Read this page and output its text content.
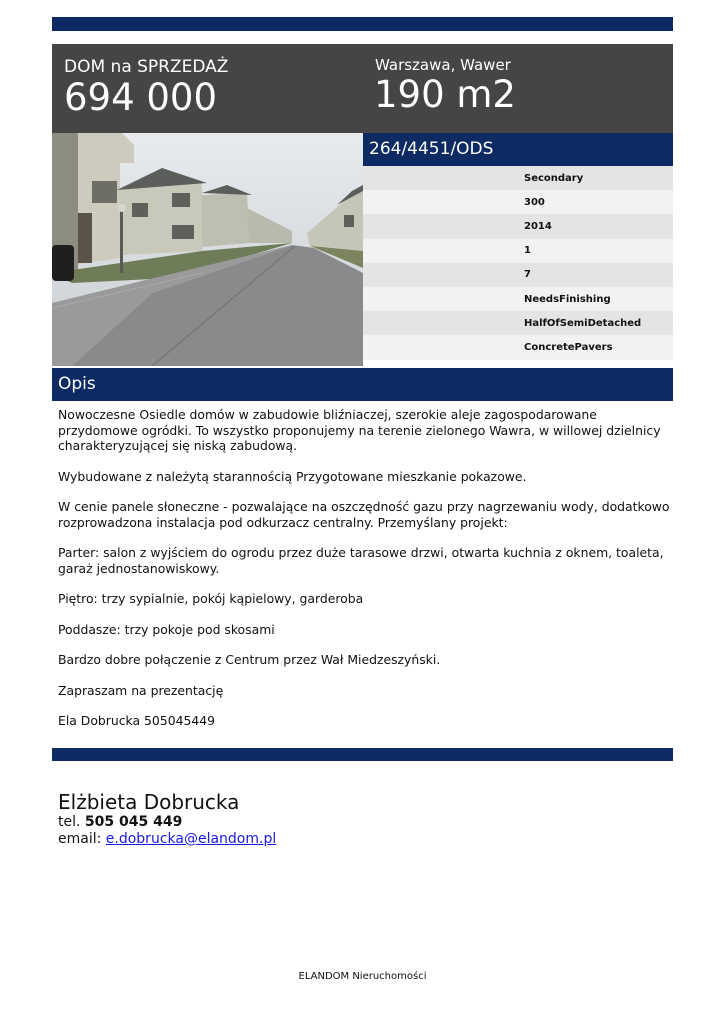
DOM na SPRZEDAŻ
694 000
Warszawa, Wawer
190 m2
264/4451/ODS
Secondary
300
2014
1
7
NeedsFinishing
HalfOfSemiDetached
ConcretePavers
Opis

Nowoczesne Osiedle domów w zabudowie bliźniaczej, szerokie aleje zagospodarowane przydomowe ogródki. To wszystko proponujemy na terenie zielonego Wawra, w willowej dzielnicy charakteryzującej się niską zabudową.

Wybudowane z należytą starannością Przygotowane mieszkanie pokazowe.

W cenie panele słoneczne - pozwalające na oszczędność gazu przy nagrzewaniu wody, dodatkowo rozprowadzona instalacja pod odkurzacz centralny. Przemyślany projekt:

Parter: salon z wyjściem do ogrodu przez duże tarasowe drzwi, otwarta kuchnia z oknem, toaleta, garaż jednostanowiskowy.

Piętro: trzy sypialnie, pokój kąpielowy, garderoba

Poddasze: trzy pokoje pod skosami

Bardzo dobre połączenie z Centrum przez Wał Miedzeszyński.

Zapraszam na prezentację

Ela Dobrucka 505045449

Elżbieta Dobrucka
tel. 505 045 449
email: e.dobrucka@elandom.pl
ELANDOM Nieruchomości
